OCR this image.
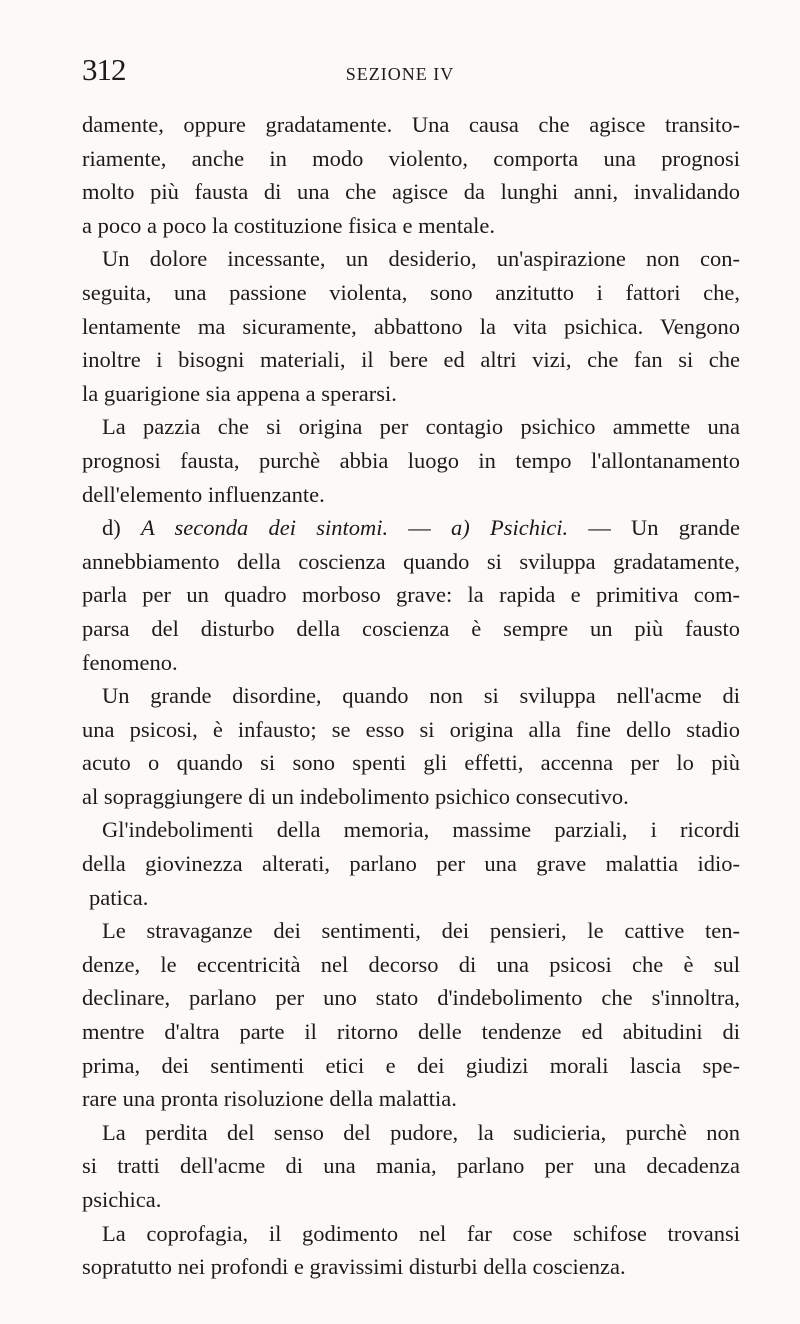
312	SEZIONE IV
damente, oppure gradatamente. Una causa che agisce transito-
riamente, anche in modo violento, comporta una prognosi
molto più fausta di una che agisce da lunghi anni, invalidando
a poco a poco la costituzione fisica e mentale.
Un dolore incessante, un desiderio, un'aspirazione non con-
seguita, una passione violenta, sono anzitutto i fattori che,
lentamente ma sicuramente, abbattono la vita psichica. Vengono
inoltre i bisogni materiali, il bere ed altri vizi, che fan si che
la guarigione sia appena a sperarsi.
La pazzia che si origina per contagio psichico ammette una
prognosi fausta, purchè abbia luogo in tempo l'allontanamento
dell'elemento influenzante.
d) A seconda dei sintomi. — a) Psichici. — Un grande
annebbiamento della coscienza quando si sviluppa gradatamente,
parla per un quadro morboso grave: la rapida e primitiva com-
parsa del disturbo della coscienza è sempre un più fausto
fenomeno.
Un grande disordine, quando non si sviluppa nell'acme di
una psicosi, è infausto; se esso si origina alla fine dello stadio
acuto o quando si sono spenti gli effetti, accenna per lo più
al sopraggiungere di un indebolimento psichico consecutivo.
Gl'indebolimenti della memoria, massime parziali, i ricordi
della giovinezza alterati, parlano per una grave malattia idio-
patica.
Le stravaganze dei sentimenti, dei pensieri, le cattive ten-
denze, le eccentricità nel decorso di una psicosi che è sul
declinare, parlano per uno stato d'indebolimento che s'innoltra,
mentre d'altra parte il ritorno delle tendenze ed abitudini di
prima, dei sentimenti etici e dei giudizi morali lascia spe-
rare una pronta risoluzione della malattia.
La perdita del senso del pudore, la sudicieria, purchè non
si tratti dell'acme di una mania, parlano per una decadenza
psichica.
La coprofagia, il godimento nel far cose schifose trovansi
sopratutto nei profondi e gravissimi disturbi della coscienza.
